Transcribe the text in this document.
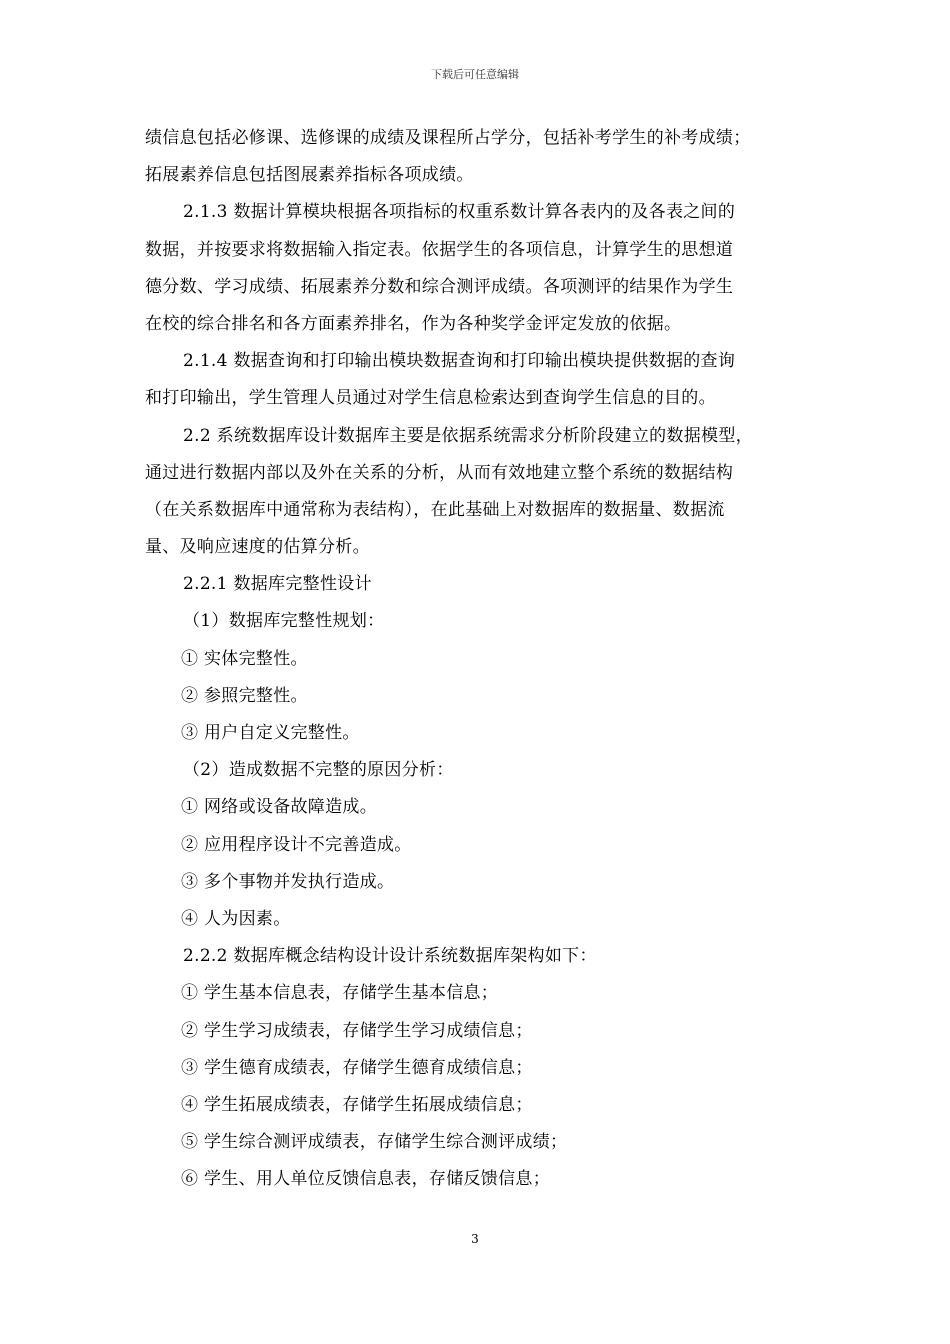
下载后可任意编辑
绩信息包括必修课、选修课的成绩及课程所占学分，包括补考学生的补考成绩；
拓展素养信息包括图展素养指标各项成绩。
2.1.3 数据计算模块根据各项指标的权重系数计算各表内的及各表之间的
数据，并按要求将数据输入指定表。依据学生的各项信息，计算学生的思想道
德分数、学习成绩、拓展素养分数和综合测评成绩。各项测评的结果作为学生
在校的综合排名和各方面素养排名，作为各种奖学金评定发放的依据。
2.1.4 数据查询和打印输出模块数据查询和打印输出模块提供数据的查询
和打印输出，学生管理人员通过对学生信息检索达到查询学生信息的目的。
2.2 系统数据库设计数据库主要是依据系统需求分析阶段建立的数据模型，
通过进行数据内部以及外在关系的分析，从而有效地建立整个系统的数据结构
（在关系数据库中通常称为表结构），在此基础上对数据库的数据量、数据流
量、及响应速度的估算分析。
2.2.1 数据库完整性设计
（1）数据库完整性规划：
① 实体完整性。
② 参照完整性。
③ 用户自定义完整性。
（2）造成数据不完整的原因分析：
① 网络或设备故障造成。
② 应用程序设计不完善造成。
③ 多个事物并发执行造成。
④ 人为因素。
2.2.2 数据库概念结构设计设计系统数据库架构如下：
① 学生基本信息表，存储学生基本信息；
② 学生学习成绩表，存储学生学习成绩信息；
③ 学生德育成绩表，存储学生德育成绩信息；
④ 学生拓展成绩表，存储学生拓展成绩信息；
⑤ 学生综合测评成绩表，存储学生综合测评成绩；
⑥ 学生、用人单位反馈信息表，存储反馈信息；
3
